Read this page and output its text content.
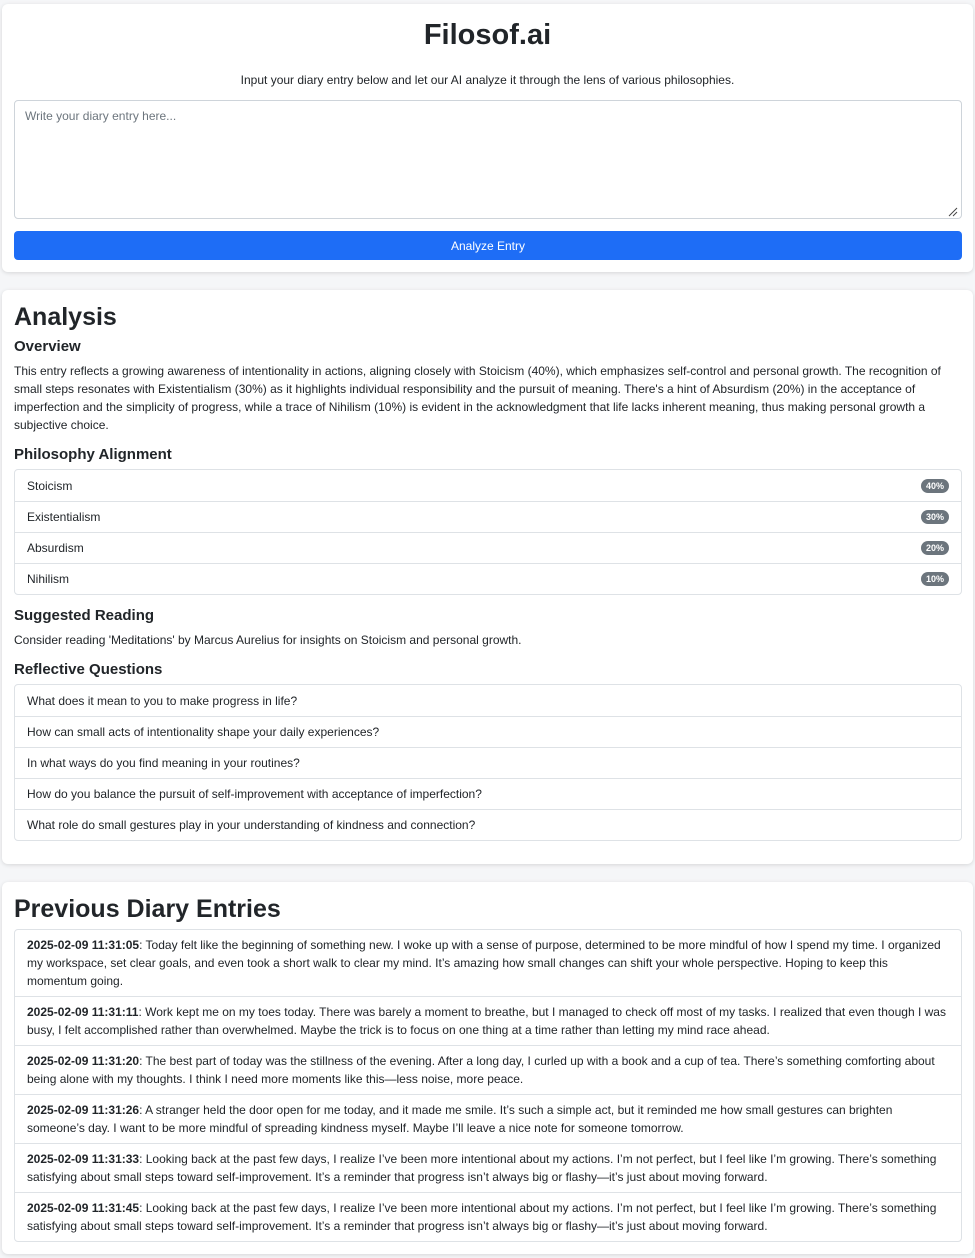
Filosof.ai
Input your diary entry below and let our AI analyze it through the lens of various philosophies.
Write your diary entry here...
Analyze Entry
Analysis
Overview

This entry reflects a growing awareness of intentionality in actions, aligning closely with Stoicism (40%), which emphasizes self-control and personal growth. The recognition of small steps resonates with Existentialism (30%) as it highlights individual responsibility and the pursuit of meaning. There's a hint of Absurdism (20%) in the acceptance of imperfection and the simplicity of progress, while a trace of Nihilism (10%) is evident in the acknowledgment that life lacks inherent meaning, thus making personal growth a subjective choice.

Philosophy Alignment
Stoicism	40%
Existentialism	30%
Absurdism	20%
Nihilism	10%
Suggested Reading

Consider reading 'Meditations' by Marcus Aurelius for insights on Stoicism and personal growth.

Reflective Questions
What does it mean to you to make progress in life?
How can small acts of intentionality shape your daily experiences?
In what ways do you find meaning in your routines?
How do you balance the pursuit of self-improvement with acceptance of imperfection?
What role do small gestures play in your understanding of kindness and connection?
Previous Diary Entries
2025-02-09 11:31:05: Today felt like the beginning of something new. I woke up with a sense of purpose, determined to be more mindful of how I spend my time. I organized my workspace, set clear goals, and even took a short walk to clear my mind. It’s amazing how small changes can shift your whole perspective. Hoping to keep this momentum going.
2025-02-09 11:31:11: Work kept me on my toes today. There was barely a moment to breathe, but I managed to check off most of my tasks. I realized that even though I was busy, I felt accomplished rather than overwhelmed. Maybe the trick is to focus on one thing at a time rather than letting my mind race ahead.
2025-02-09 11:31:20: The best part of today was the stillness of the evening. After a long day, I curled up with a book and a cup of tea. There’s something comforting about being alone with my thoughts. I think I need more moments like this—less noise, more peace.
2025-02-09 11:31:26: A stranger held the door open for me today, and it made me smile. It’s such a simple act, but it reminded me how small gestures can brighten someone’s day. I want to be more mindful of spreading kindness myself. Maybe I’ll leave a nice note for someone tomorrow.
2025-02-09 11:31:33: Looking back at the past few days, I realize I’ve been more intentional about my actions. I’m not perfect, but I feel like I’m growing. There’s something satisfying about small steps toward self-improvement. It’s a reminder that progress isn’t always big or flashy—it’s just about moving forward.
2025-02-09 11:31:45: Looking back at the past few days, I realize I’ve been more intentional about my actions. I’m not perfect, but I feel like I’m growing. There’s something satisfying about small steps toward self-improvement. It’s a reminder that progress isn’t always big or flashy—it’s just about moving forward.
